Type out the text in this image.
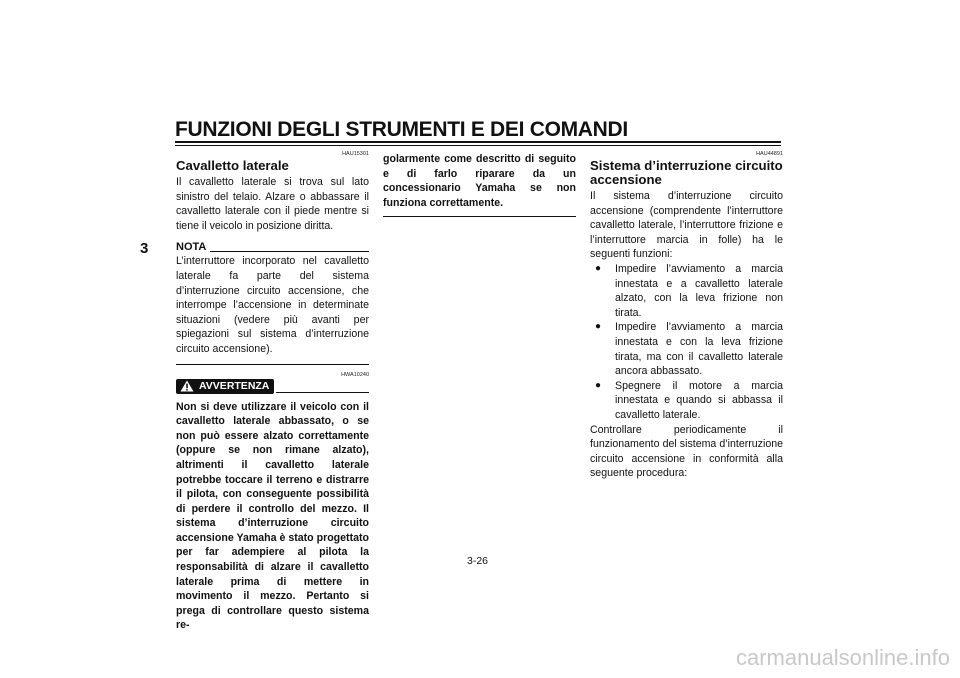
FUNZIONI DEGLI STRUMENTI E DEI COMANDI
3
HAU15301
Cavalletto laterale

Il cavalletto laterale si trova sul lato sinistro del telaio. Alzare o abbassare il cavalletto laterale con il piede mentre si tiene il veicolo in posizione diritta.

NOTA

L’interruttore incorporato nel cavalletto laterale fa parte del sistema d’interruzione circuito accensione, che interrompe l’accensione in determinate situazioni (vedere più avanti per spiegazioni sul sistema d’interruzione circuito accensione).

HWA10240
AVVERTENZA

Non si deve utilizzare il veicolo con il cavalletto laterale abbassato, o se non può essere alzato correttamente (oppure se non rimane alzato), altrimenti il cavalletto laterale potrebbe toccare il terreno e distrarre il pilota, con conseguente possibilità di perdere il controllo del mezzo. Il sistema d’interruzione circuito accensione Yamaha è stato progettato per far adempiere al pilota la responsabilità di alzare il cavalletto laterale prima di mettere in movimento il mezzo. Pertanto si prega di controllare questo sistema re-

golarmente come descritto di seguito e di farlo riparare da un concessionario Yamaha se non funziona correttamente.

HAU44891
Sistema d’interruzione circuito accensione

Il sistema d’interruzione circuito accensione (comprendente l’interruttore cavalletto laterale, l’interruttore frizione e l’interruttore marcia in folle) ha le seguenti funzioni:

●	Impedire l’avviamento a marcia innestata e a cavalletto laterale alzato, con la leva frizione non tirata.
●	Impedire l’avviamento a marcia innestata e con la leva frizione tirata, ma con il cavalletto laterale ancora abbassato.
●	Spegnere il motore a marcia innestata e quando si abbassa il cavalletto laterale.

Controllare periodicamente il funzionamento del sistema d’interruzione circuito accensione in conformità alla seguente procedura:

3-26
carmanualsonline.info
